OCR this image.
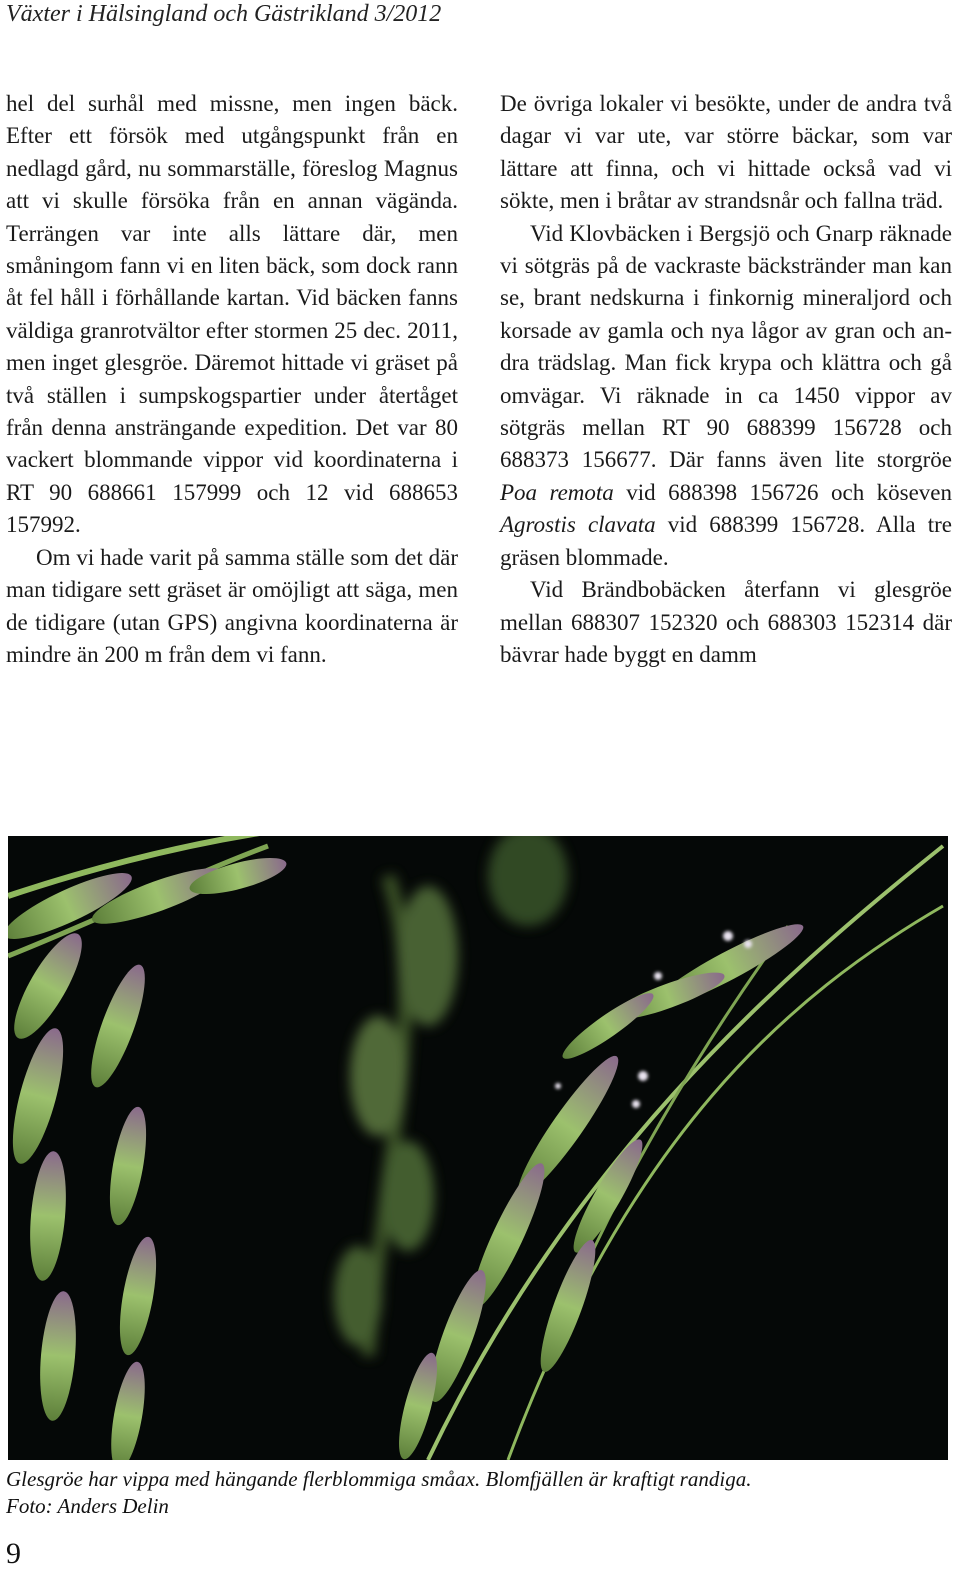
Växter i Hälsingland och Gästrikland 3/2012

hel del surhål med missne, men ingen bäck. Efter ett försök med utgångspunkt från en nedlagd gård, nu sommarställe, föreslog Magnus att vi skulle försöka från en annan vägända. Terrängen var inte alls lättare där, men småningom fann vi en liten bäck, som dock rann åt fel håll i förhållande kartan. Vid bäcken fanns väldiga granrotvältor efter stormen 25 dec. 2011, men inget glesgröe. Däremot hittade vi gräset på två ställen i sumpskogspartier under återtåget från denna ansträngande expedition. Det var 80 vackert blommande vippor vid koordinaterna i RT 90 688661 157999 och 12 vid 688653 157992.

Om vi hade varit på samma ställe som det där man tidigare sett gräset är omöjligt att säga, men de tidigare (utan GPS) angivna koordinaterna är mindre än 200 m från dem vi fann.

De övriga lokaler vi besökte, under de andra två dagar vi var ute, var större bäckar, som var lättare att finna, och vi hittade också vad vi sökte, men i bråtar av strandsnår och fallna träd.

Vid Klovbäcken i Bergsjö och Gnarp räknade vi sötgräs på de vackraste bäckstränder man kan se, brant nedskurna i finkornig mineraljord och korsade av gamla och nya lågor av gran och andra trädslag. Man fick krypa och klättra och gå omvägar. Vi räknade in ca 1450 vippor av sötgräs mellan RT 90 688399 156728 och 688373 156677. Där fanns även lite storgröe Poa remota vid 688398 156726 och köseven Agrostis clavata vid 688399 156728. Alla tre gräsen blommade.

Vid Brändbobäcken återfann vi glesgröe mellan 688307 152320 och 688303 152314 där bävrar hade byggt en damm

Glesgröe har vippa med hängande flerblommiga småax. Blomfjällen är kraftigt randiga.
Foto: Anders Delin
9
